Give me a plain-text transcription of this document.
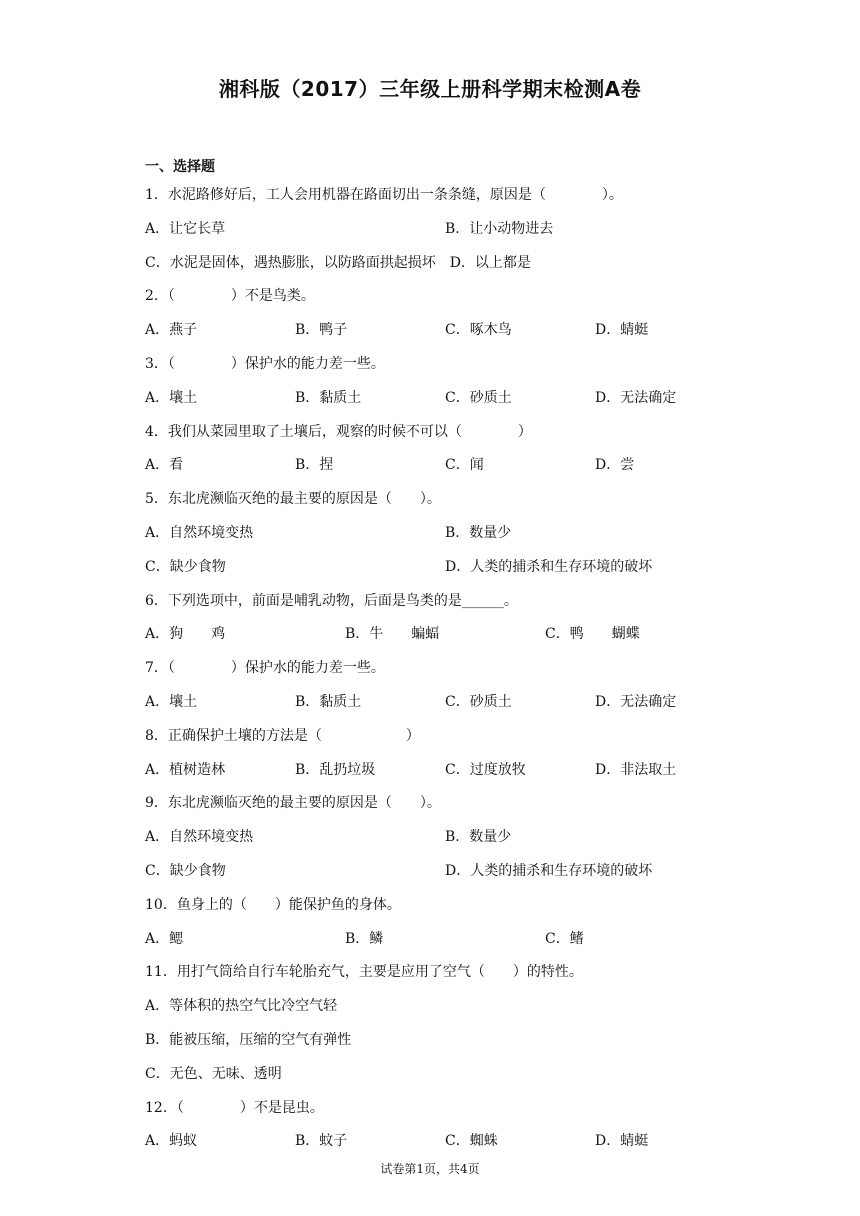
湘科版（2017）三年级上册科学期末检测A卷
一、选择题
1．水泥路修好后，工人会用机器在路面切出一条条缝，原因是（　　　　）。
A．让它长草	B．让小动物进去
C．水泥是固体，遇热膨胀，以防路面拱起损坏　D．以上都是
2．（　　　　）不是鸟类。
A．燕子	B．鸭子	C．啄木鸟	D．蜻蜓
3．（　　　　）保护水的能力差一些。
A．壤土	B．黏质土	C．砂质土	D．无法确定
4．我们从菜园里取了土壤后，观察的时候不可以（　　　　）
A．看	B．捏	C．闻	D．尝
5．东北虎濒临灭绝的最主要的原因是（　　）。
A．自然环境变热	B．数量少
C．缺少食物	D．人类的捕杀和生存环境的破坏
6．下列选项中，前面是哺乳动物，后面是鸟类的是______。
A．狗　　鸡	B．牛　　蝙蝠	C．鸭　　蝴蝶
7．（　　　　）保护水的能力差一些。
A．壤土	B．黏质土	C．砂质土	D．无法确定
8．正确保护土壤的方法是（　　　　　　）
A．植树造林	B．乱扔垃圾	C．过度放牧	D．非法取土
9．东北虎濒临灭绝的最主要的原因是（　　）。
A．自然环境变热	B．数量少
C．缺少食物	D．人类的捕杀和生存环境的破坏
10．鱼身上的（　　）能保护鱼的身体。
A．鳃	B．鳞	C．鳍
11．用打气筒给自行车轮胎充气，主要是应用了空气（　　）的特性。
A．等体积的热空气比冷空气轻
B．能被压缩，压缩的空气有弹性
C．无色、无味、透明
12．（　　　　）不是昆虫。
A．蚂蚁	B．蚊子	C．蜘蛛	D．蜻蜓
试卷第1页，共4页
